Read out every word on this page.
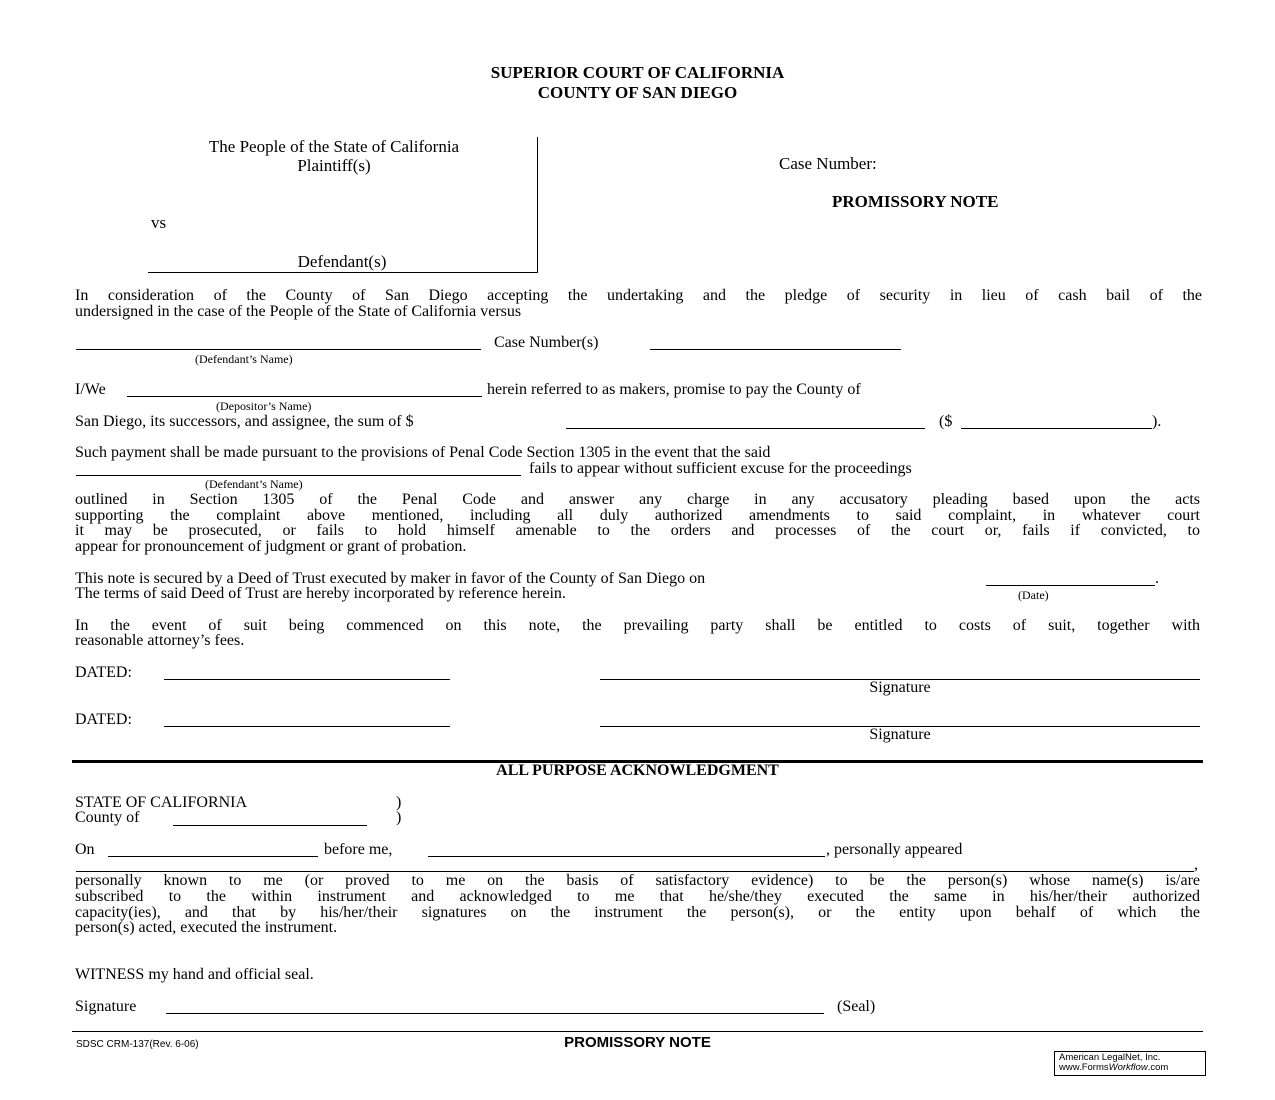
SUPERIOR COURT OF CALIFORNIA
COUNTY OF SAN DIEGO
The People of the State of California
Plaintiff(s)
vs
Defendant(s)
Case Number:
PROMISSORY NOTE
In consideration of the County of San Diego accepting the undertaking and the pledge of security in lieu of cash bail of the
undersigned in the case of the People of the State of California versus
Case Number(s)
(Defendant’s Name)
I/We	herein referred to as makers, promise to pay the County of
(Depositor’s Name)
San Diego, its successors, and assignee, the sum of $	($	).
Such payment shall be made pursuant to the provisions of Penal Code Section 1305 in the event that the said
fails to appear without sufficient excuse for the proceedings
(Defendant’s Name)
outlined in Section 1305 of the Penal Code and answer any charge in any accusatory pleading based upon the acts
supporting the complaint above mentioned, including all duly authorized amendments to said complaint, in whatever court
it may be prosecuted, or fails to hold himself amenable to the orders and processes of the court or, fails if convicted, to
appear for pronouncement of judgment or grant of probation.
This note is secured by a Deed of Trust executed by maker in favor of the County of San Diego on	.
The terms of said Deed of Trust are hereby incorporated by reference herein.	(Date)
In the event of suit being commenced on this note, the prevailing party shall be entitled to costs of suit, together with
reasonable attorney’s fees.
DATED:
Signature
DATED:
Signature
ALL PURPOSE ACKNOWLEDGMENT
STATE OF CALIFORNIA	)
County of	)
On	before me,	, personally appeared
,
personally known to me (or proved to me on the basis of satisfactory evidence) to be the person(s) whose name(s) is/are
subscribed to the within instrument and acknowledged to me that he/she/they executed the same in his/her/their authorized
capacity(ies), and that by his/her/their signatures on the instrument the person(s), or the entity upon behalf of which the
person(s) acted, executed the instrument.
WITNESS my hand and official seal.
Signature	(Seal)
SDSC CRM-137(Rev. 6-06)	PROMISSORY NOTE
American LegalNet, Inc.
www.FormsWorkflow.com
